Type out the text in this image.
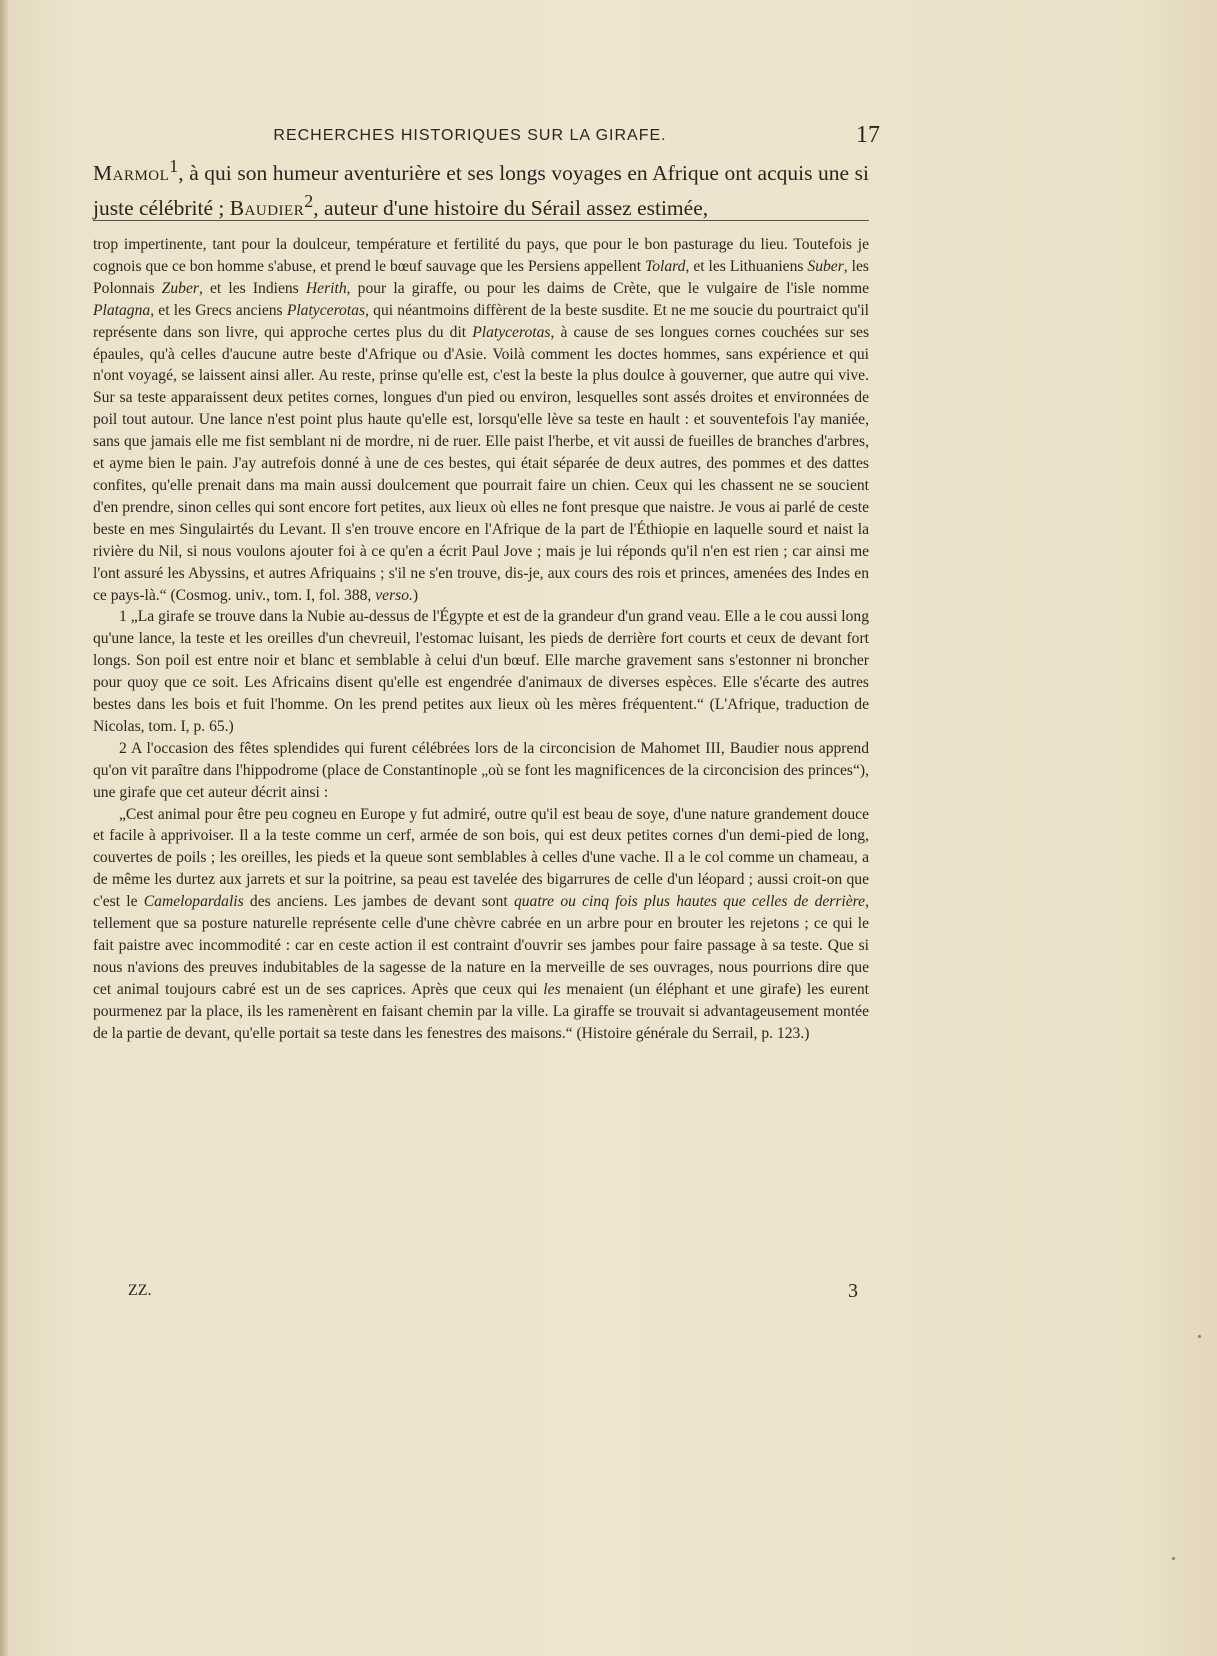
RECHERCHES HISTORIQUES SUR LA GIRAFE.	17

Marmol$^1$, à qui son humeur aventurière et ses longs voyages en Afrique ont acquis une si juste célébrité ; Baudier$^2$, auteur d'une histoire du Sérail assez estimée,

trop impertinente, tant pour la doulceur, température et fertilité du pays, que pour le bon pasturage du lieu. Toutefois je cognois que ce bon homme s'abuse, et prend le bœuf sauvage que les Persiens appellent Tolard, et les Lithuaniens Suber, les Polonnais Zuber, et les Indiens Herith, pour la giraffe, ou pour les daims de Crète, que le vulgaire de l'isle nomme Platagna, et les Grecs anciens Platycerotas, qui néantmoins diffèrent de la beste susdite. Et ne me soucie du pourtraict qu'il représente dans son livre, qui approche certes plus du dit Platycerotas, à cause de ses longues cornes couchées sur ses épaules, qu'à celles d'aucune autre beste d'Afrique ou d'Asie. Voilà comment les doctes hommes, sans expérience et qui n'ont voyagé, se laissent ainsi aller. Au reste, prinse qu'elle est, c'est la beste la plus doulce à gouverner, que autre qui vive. Sur sa teste apparaissent deux petites cornes, longues d'un pied ou environ, lesquelles sont assés droites et environnées de poil tout autour. Une lance n'est point plus haute qu'elle est, lorsqu'elle lève sa teste en hault : et souventefois l'ay maniée, sans que jamais elle me fist semblant ni de mordre, ni de ruer. Elle paist l'herbe, et vit aussi de fueilles de branches d'arbres, et ayme bien le pain. J'ay autrefois donné à une de ces bestes, qui était séparée de deux autres, des pommes et des dattes confites, qu'elle prenait dans ma main aussi doulcement que pourrait faire un chien. Ceux qui les chassent ne se soucient d'en prendre, sinon celles qui sont encore fort petites, aux lieux où elles ne font presque que naistre. Je vous ai parlé de ceste beste en mes Singulairtés du Levant. Il s'en trouve encore en l'Afrique de la part de l'Éthiopie en laquelle sourd et naist la rivière du Nil, si nous voulons ajouter foi à ce qu'en a écrit Paul Jove ; mais je lui réponds qu'il n'en est rien ; car ainsi me l'ont assuré les Abyssins, et autres Afriquains ; s'il ne s'en trouve, dis-je, aux cours des rois et princes, amenées des Indes en ce pays-là.“ (Cosmog. univ., tom. I, fol. 388, verso.)

1 „La girafe se trouve dans la Nubie au-dessus de l'Égypte et est de la grandeur d'un grand veau. Elle a le cou aussi long qu'une lance, la teste et les oreilles d'un chevreuil, l'estomac luisant, les pieds de derrière fort courts et ceux de devant fort longs. Son poil est entre noir et blanc et semblable à celui d'un bœuf. Elle marche gravement sans s'estonner ni broncher pour quoy que ce soit. Les Africains disent qu'elle est engendrée d'animaux de diverses espèces. Elle s'écarte des autres bestes dans les bois et fuit l'homme. On les prend petites aux lieux où les mères fréquentent.“ (L'Afrique, traduction de Nicolas, tom. I, p. 65.)

2 A l'occasion des fêtes splendides qui furent célébrées lors de la circoncision de Mahomet III, Baudier nous apprend qu'on vit paraître dans l'hippodrome (place de Constantinople „où se font les magnificences de la circoncision des princes“), une girafe que cet auteur décrit ainsi :

„Cest animal pour être peu cogneu en Europe y fut admiré, outre qu'il est beau de soye, d'une nature grandement douce et facile à apprivoiser. Il a la teste comme un cerf, armée de son bois, qui est deux petites cornes d'un demi-pied de long, couvertes de poils ; les oreilles, les pieds et la queue sont semblables à celles d'une vache. Il a le col comme un chameau, a de même les durtez aux jarrets et sur la poitrine, sa peau est tavelée des bigarrures de celle d'un léopard ; aussi croit-on que c'est le Camelopardalis des anciens. Les jambes de devant sont quatre ou cinq fois plus hautes que celles de derrière, tellement que sa posture naturelle représente celle d'une chèvre cabrée en un arbre pour en brouter les rejetons ; ce qui le fait paistre avec incommodité : car en ceste action il est contraint d'ouvrir ses jambes pour faire passage à sa teste. Que si nous n'avions des preuves indubitables de la sagesse de la nature en la merveille de ses ouvrages, nous pourrions dire que cet animal toujours cabré est un de ses caprices. Après que ceux qui les menaient (un éléphant et une girafe) les eurent pourmenez par la place, ils les ramenèrent en faisant chemin par la ville. La giraffe se trouvait si advantageusement montée de la partie de devant, qu'elle portait sa teste dans les fenestres des maisons.“ (Histoire générale du Serrail, p. 123.)

ZZ.	3
